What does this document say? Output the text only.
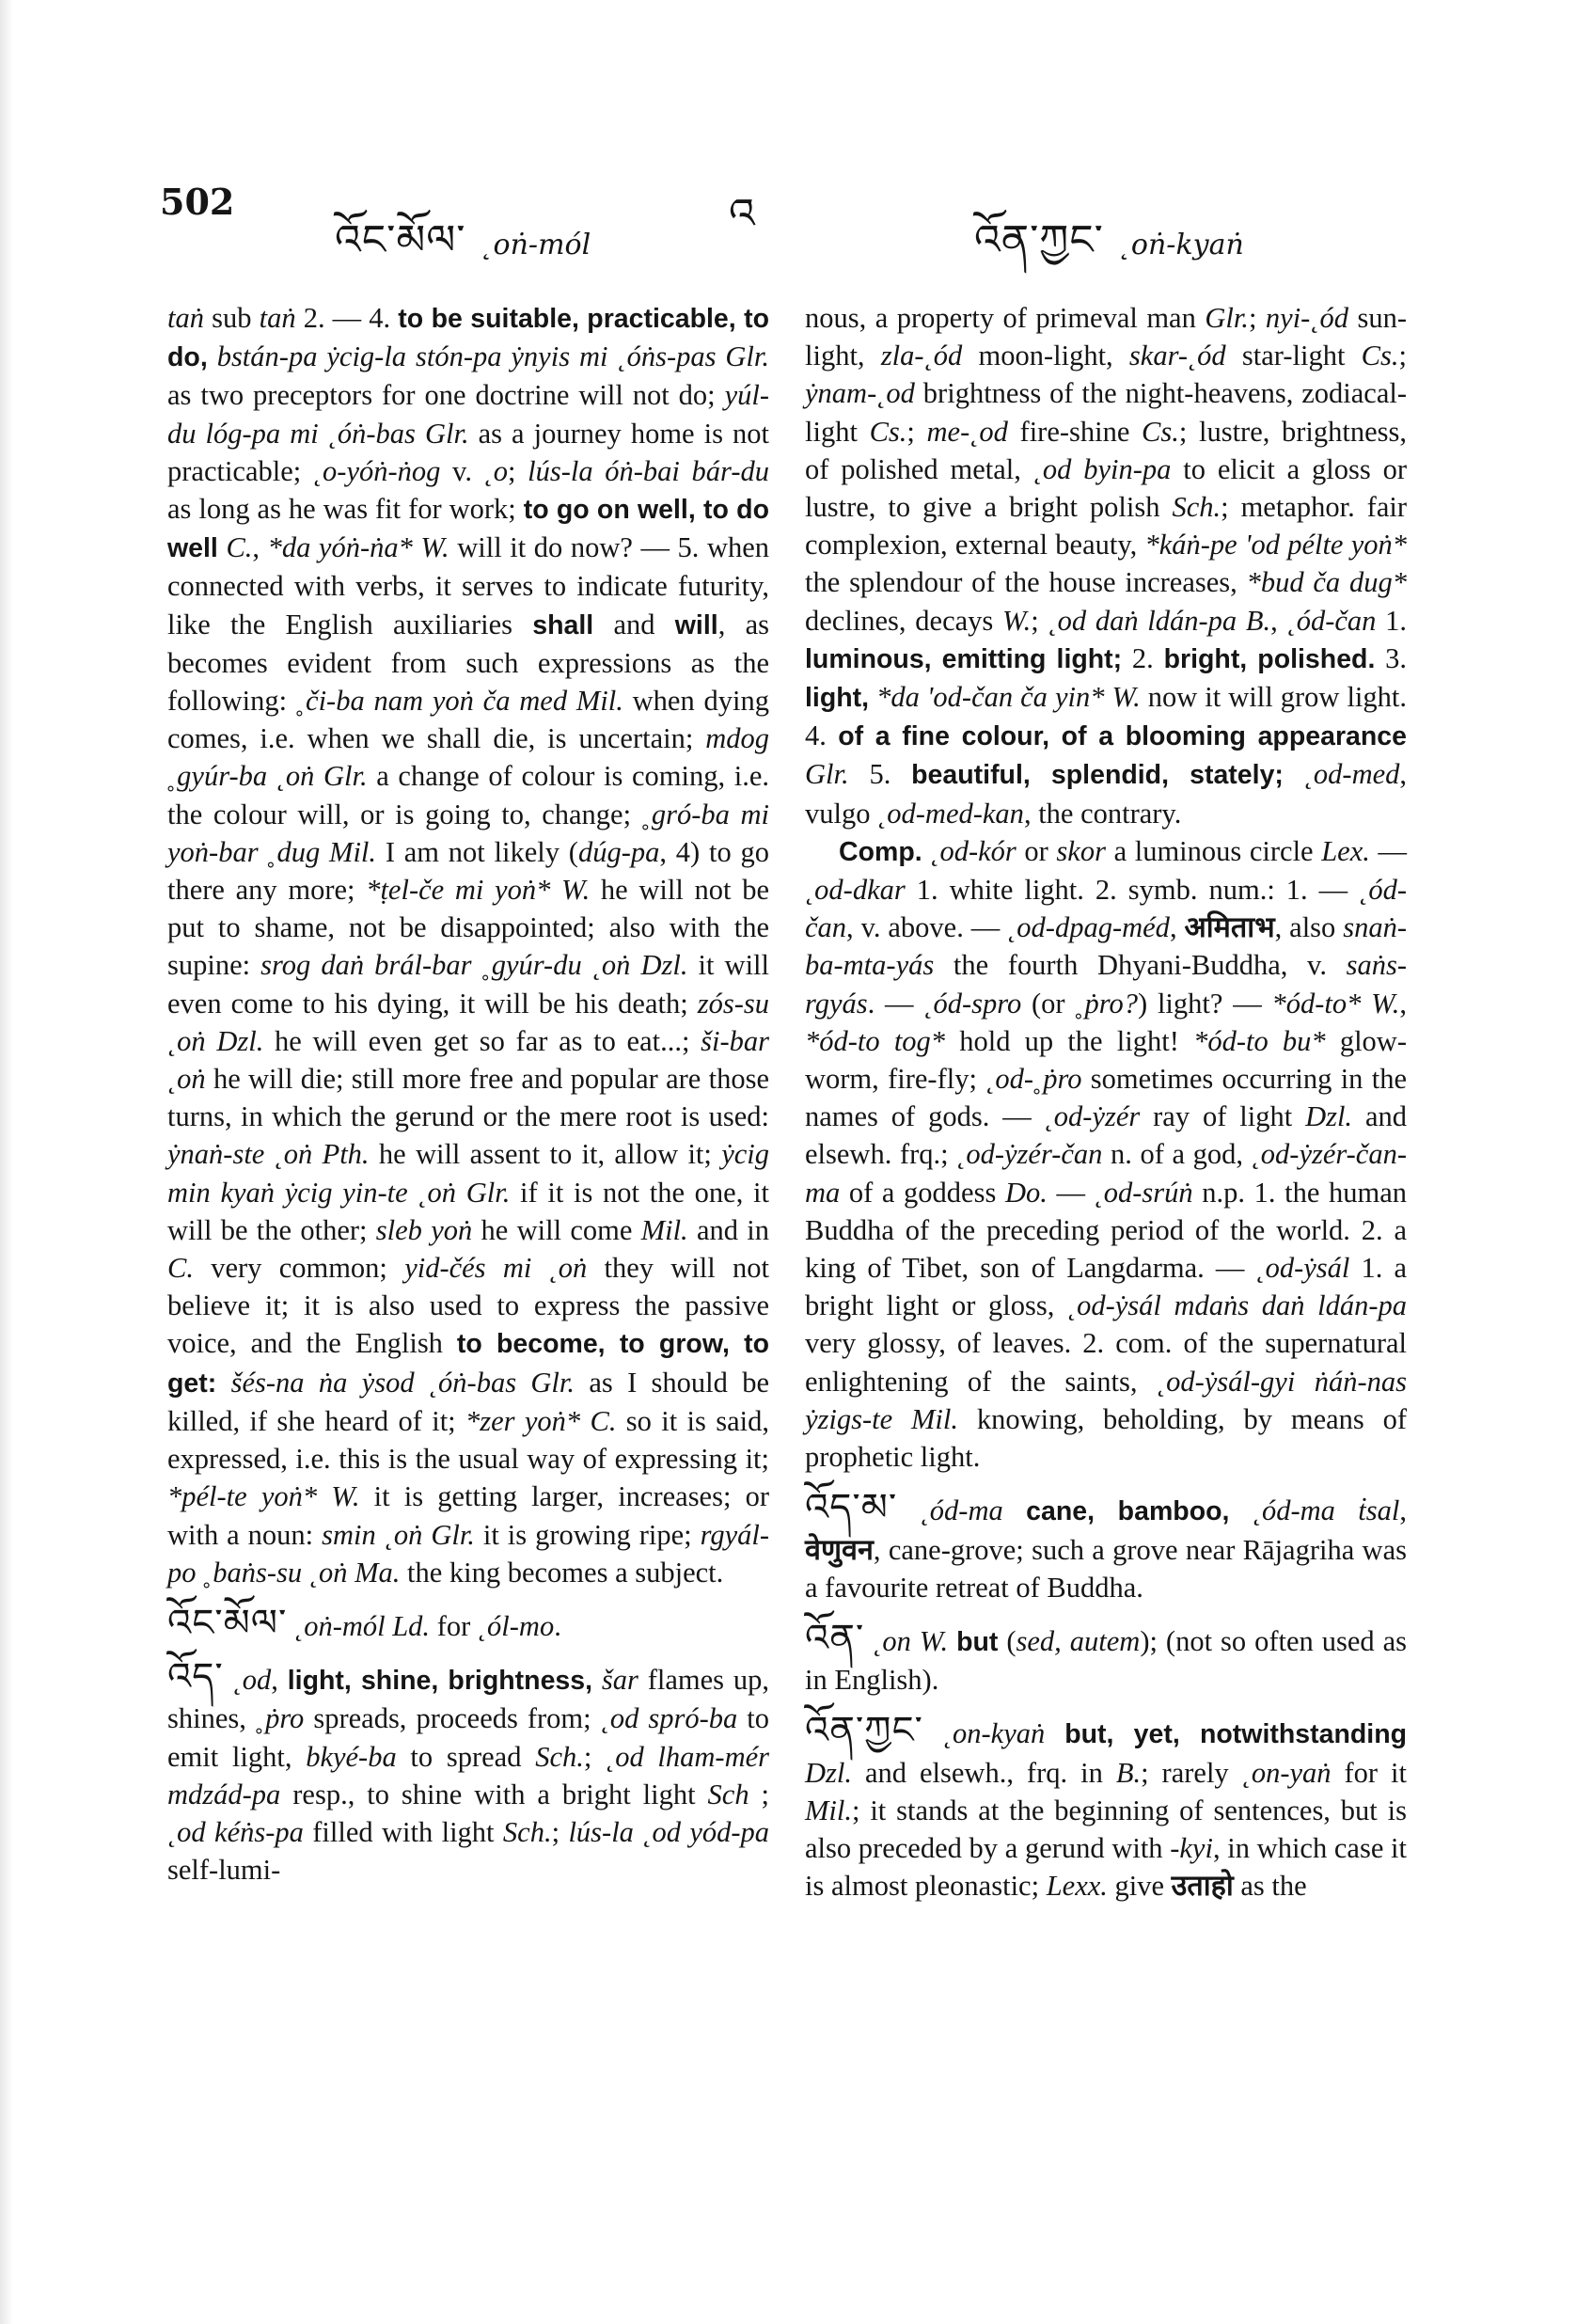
502	འ
འོང་མོལ་ ˛oṅ-mól	འོན་ཀྱང་ ˛oṅ-kyaṅ

taṅ sub taṅ 2. — 4. to be suitable, practicable, to do, bstán-pa ẏcig-la stón-pa ẏnyis mi ˛óṅs-pas Glr. as two preceptors for one doctrine will not do; yúl-du lóg-pa mi ˛óṅ-bas Glr. as a journey home is not practicable; ˛o-yóṅ-ṅog v. ˛o; lús-la óṅ-bai bár-du as long as he was fit for work; to go on well, to do well C., *da yóṅ-ṅa* W. will it do now? — 5. when connected with verbs, it serves to indicate futurity, like the English auxiliaries shall and will, as becomes evident from such expressions as the following: ˳či-ba nam yoṅ ča med Mil. when dying comes, i.e. when we shall die, is uncertain; mdog ˳gyúr-ba ˛oṅ Glr. a change of colour is coming, i.e. the colour will, or is going to, change; ˳gró-ba mi yoṅ-bar ˳dug Mil. I am not likely (dúg-pa, 4) to go there any more; *ṭel-če mi yoṅ* W. he will not be put to shame, not be disappointed; also with the supine: srog daṅ brál-bar ˳gyúr-du ˛oṅ Dzl. it will even come to his dying, it will be his death; zós-su ˛oṅ Dzl. he will even get so far as to eat...; ši-bar ˛oṅ he will die; still more free and popular are those turns, in which the gerund or the mere root is used: ẏnaṅ-ste ˛oṅ Pth. he will assent to it, allow it; ẏcig min kyaṅ ẏcig yin-te ˛oṅ Glr. if it is not the one, it will be the other; sleb yoṅ he will come Mil. and in C. very common; yid-čés mi ˛oṅ they will not believe it; it is also used to express the passive voice, and the English to become, to grow, to get: šés-na ṅa ẏsod ˛óṅ-bas Glr. as I should be killed, if she heard of it; *zer yoṅ* C. so it is said, expressed, i.e. this is the usual way of expressing it; *pél-te yoṅ* W. it is getting larger, increases; or with a noun: smin ˛oṅ Glr. it is growing ripe; rgyál-po ˳baṅs-su ˛oṅ Ma. the king becomes a subject.

འོང་མོལ་ ˛oṅ-mól Ld. for ˛ól-mo.

འོད་ ˛od, light, shine, brightness, šar flames up, shines, ˳ṗro spreads, proceeds from; ˛od spró-ba to emit light, bkyé-ba to spread Sch.; ˛od lham-mér mdzád-pa resp., to shine with a bright light Sch ; ˛od kéṅs-pa filled with light Sch.; lús-la ˛od yód-pa self-lumi-

nous, a property of primeval man Glr.; nyi-˛ód sun-light, zla-˛ód moon-light, skar-˛ód star-light Cs.; ẏnam-˛od brightness of the night-heavens, zodiacal-light Cs.; me-˛od fire-shine Cs.; lustre, brightness, of polished metal, ˛od byin-pa to elicit a gloss or lustre, to give a bright polish Sch.; metaphor. fair complexion, external beauty, *káṅ-pe 'od pélte yoṅ* the splendour of the house increases, *bud ča dug* declines, decays W.; ˛od daṅ ldán-pa B., ˛ód-čan 1. luminous, emitting light; 2. bright, polished. 3. light, *da 'od-čan ča yin* W. now it will grow light. 4. of a fine colour, of a blooming appearance Glr. 5. beautiful, splendid, stately; ˛od-med, vulgo ˛od-med-kan, the contrary.

Comp. ˛od-kór or skor a luminous circle Lex. — ˛od-dkar 1. white light. 2. symb. num.: 1. — ˛ód-čan, v. above. — ˛od-dpag-méd, अमिताभ, also snaṅ-ba-mta-yás the fourth Dhyani-Buddha, v. saṅs-rgyás. — ˛ód-spro (or ˳ṗro?) light? — *ód-to* W., *ód-to tog* hold up the light! *ód-to bu* glow-worm, fire-fly; ˛od-˳ṗro sometimes occurring in the names of gods. — ˛od-ẏzér ray of light Dzl. and elsewh. frq.; ˛od-ẏzér-čan n. of a god, ˛od-ẏzér-čan-ma of a goddess Do. — ˛od-srúṅ n.p. 1. the human Buddha of the preceding period of the world. 2. a king of Tibet, son of Langdarma. — ˛od-ẏsál 1. a bright light or gloss, ˛od-ẏsál mdaṅs daṅ ldán-pa very glossy, of leaves. 2. com. of the supernatural enlightening of the saints, ˛od-ẏsál-gyi ṅáṅ-nas ẏzigs-te Mil. knowing, beholding, by means of prophetic light.

འོད་མ་ ˛ód-ma cane, bamboo, ˛ód-ma ṫsal, वेणुवन, cane-grove; such a grove near Rājagriha was a favourite retreat of Buddha.

འོན་ ˛on W. but (sed, autem); (not so often used as in English).

འོན་ཀྱང་ ˛on-kyaṅ but, yet, notwithstanding Dzl. and elsewh., frq. in B.; rarely ˛on-yaṅ for it Mil.; it stands at the beginning of sentences, but is also preceded by a gerund with -kyi, in which case it is almost pleonastic; Lexx. give उताहो as the
